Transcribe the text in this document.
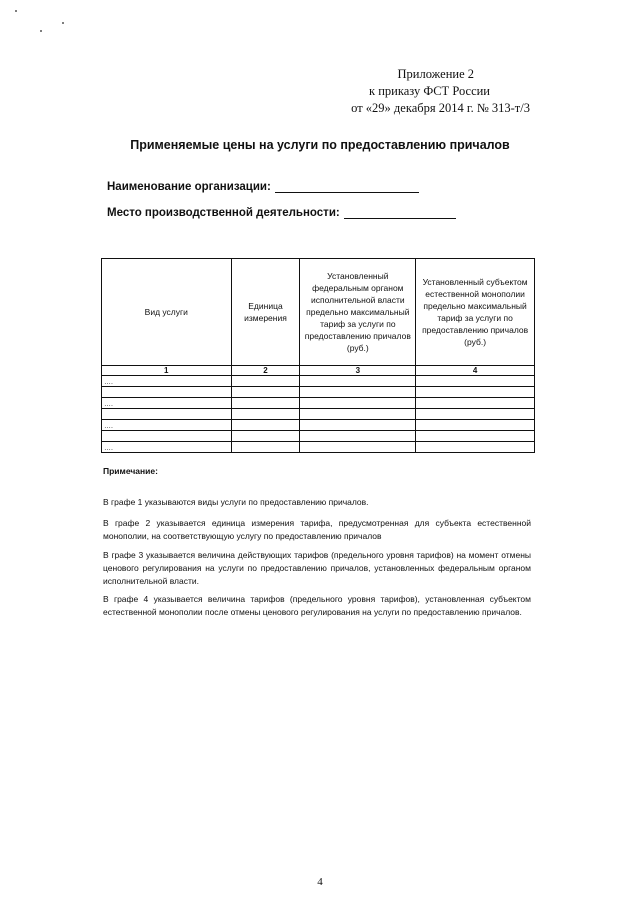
Приложение 2
к приказу ФСТ России
от «29» декабря 2014 г. № 313-т/3
Применяемые цены на услуги по предоставлению причалов
Наименование организации:
Место производственной деятельности:
Вид услуги	Единица измерения	Установленный федеральным органом исполнительной власти предельно максимальный тариф за услуги по предоставлению причалов (руб.)	Установленный субъектом естественной монополии предельно максимальный тариф за услуги по предоставлению причалов (руб.)
1	2	3	4
….			

….			

….			

….			
Примечание:
В графе 1 указываются виды услуги по предоставлению причалов.
В графе 2 указывается единица измерения тарифа, предусмотренная для субъекта естественной монополии, на соответствующую услугу по предоставлению причалов
В графе 3 указывается величина действующих тарифов (предельного уровня тарифов) на момент отмены ценового регулирования на услуги по предоставлению причалов, установленных федеральным органом исполнительной власти.
В графе 4 указывается величина тарифов (предельного уровня тарифов), установленная субъектом естественной монополии после отмены ценового регулирования на услуги по предоставлению причалов.
4
